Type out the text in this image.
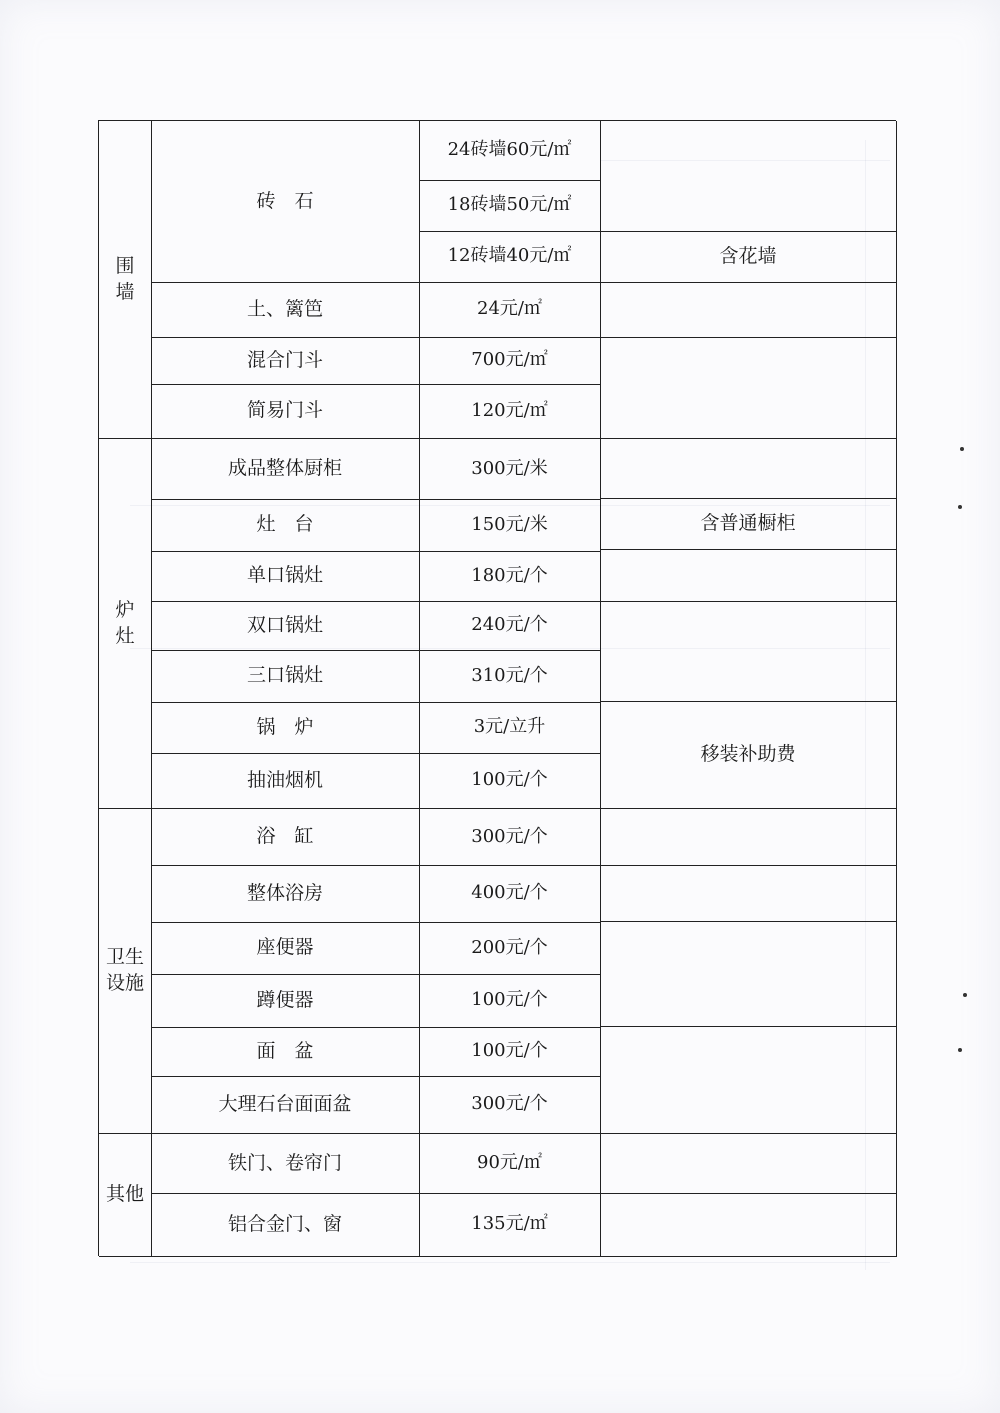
围
墙
炉
灶
卫生
设施
其他
砖　石
土、篱笆
混合门斗
简易门斗
成品整体厨柜
灶　台
单口锅灶
双口锅灶
三口锅灶
锅　炉
抽油烟机
浴　缸
整体浴房
座便器
蹲便器
面　盆
大理石台面面盆
铁门、卷帘门
铝合金门、窗
24砖墙60元/㎡
18砖墙50元/㎡
12砖墙40元/㎡
24元/㎡
700元/㎡
120元/㎡
300元/米
150元/米
180元/个
240元/个
310元/个
3元/立升
100元/个
300元/个
400元/个
200元/个
100元/个
100元/个
300元/个
90元/㎡
135元/㎡
含花墙
含普通橱柜
移装补助费
